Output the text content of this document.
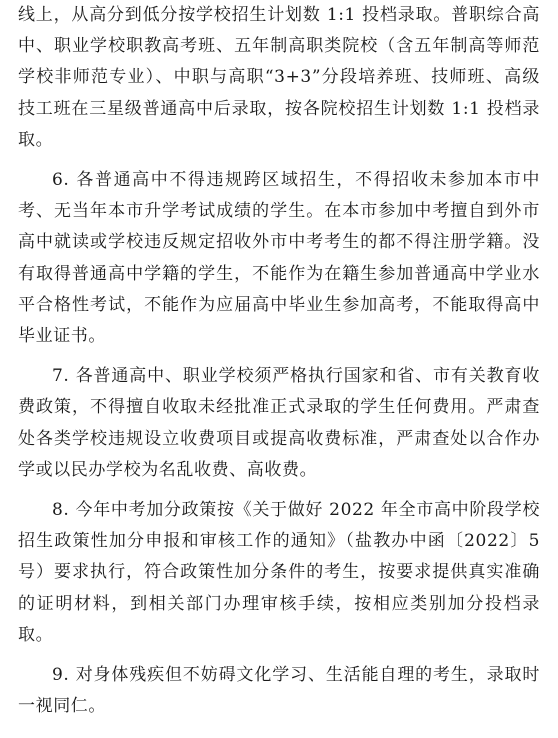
线上，从高分到低分按学校招生计划数 1:1 投档录取。普职综合高中、职业学校职教高考班、五年制高职类院校（含五年制高等师范学校非师范专业）、中职与高职“3+3”分段培养班、技师班、高级技工班在三星级普通高中后录取，按各院校招生计划数 1:1 投档录取。

6. 各普通高中不得违规跨区域招生，不得招收未参加本市中考、无当年本市升学考试成绩的学生。在本市参加中考擅自到外市高中就读或学校违反规定招收外市中考考生的都不得注册学籍。没有取得普通高中学籍的学生，不能作为在籍生参加普通高中学业水平合格性考试，不能作为应届高中毕业生参加高考，不能取得高中毕业证书。

7. 各普通高中、职业学校须严格执行国家和省、市有关教育收费政策，不得擅自收取未经批准正式录取的学生任何费用。严肃查处各类学校违规设立收费项目或提高收费标准，严肃查处以合作办学或以民办学校为名乱收费、高收费。

8. 今年中考加分政策按《关于做好 2022 年全市高中阶段学校招生政策性加分申报和审核工作的通知》（盐教办中函〔2022〕5 号）要求执行，符合政策性加分条件的考生，按要求提供真实准确的证明材料，到相关部门办理审核手续，按相应类别加分投档录取。

9. 对身体残疾但不妨碍文化学习、生活能自理的考生，录取时一视同仁。
